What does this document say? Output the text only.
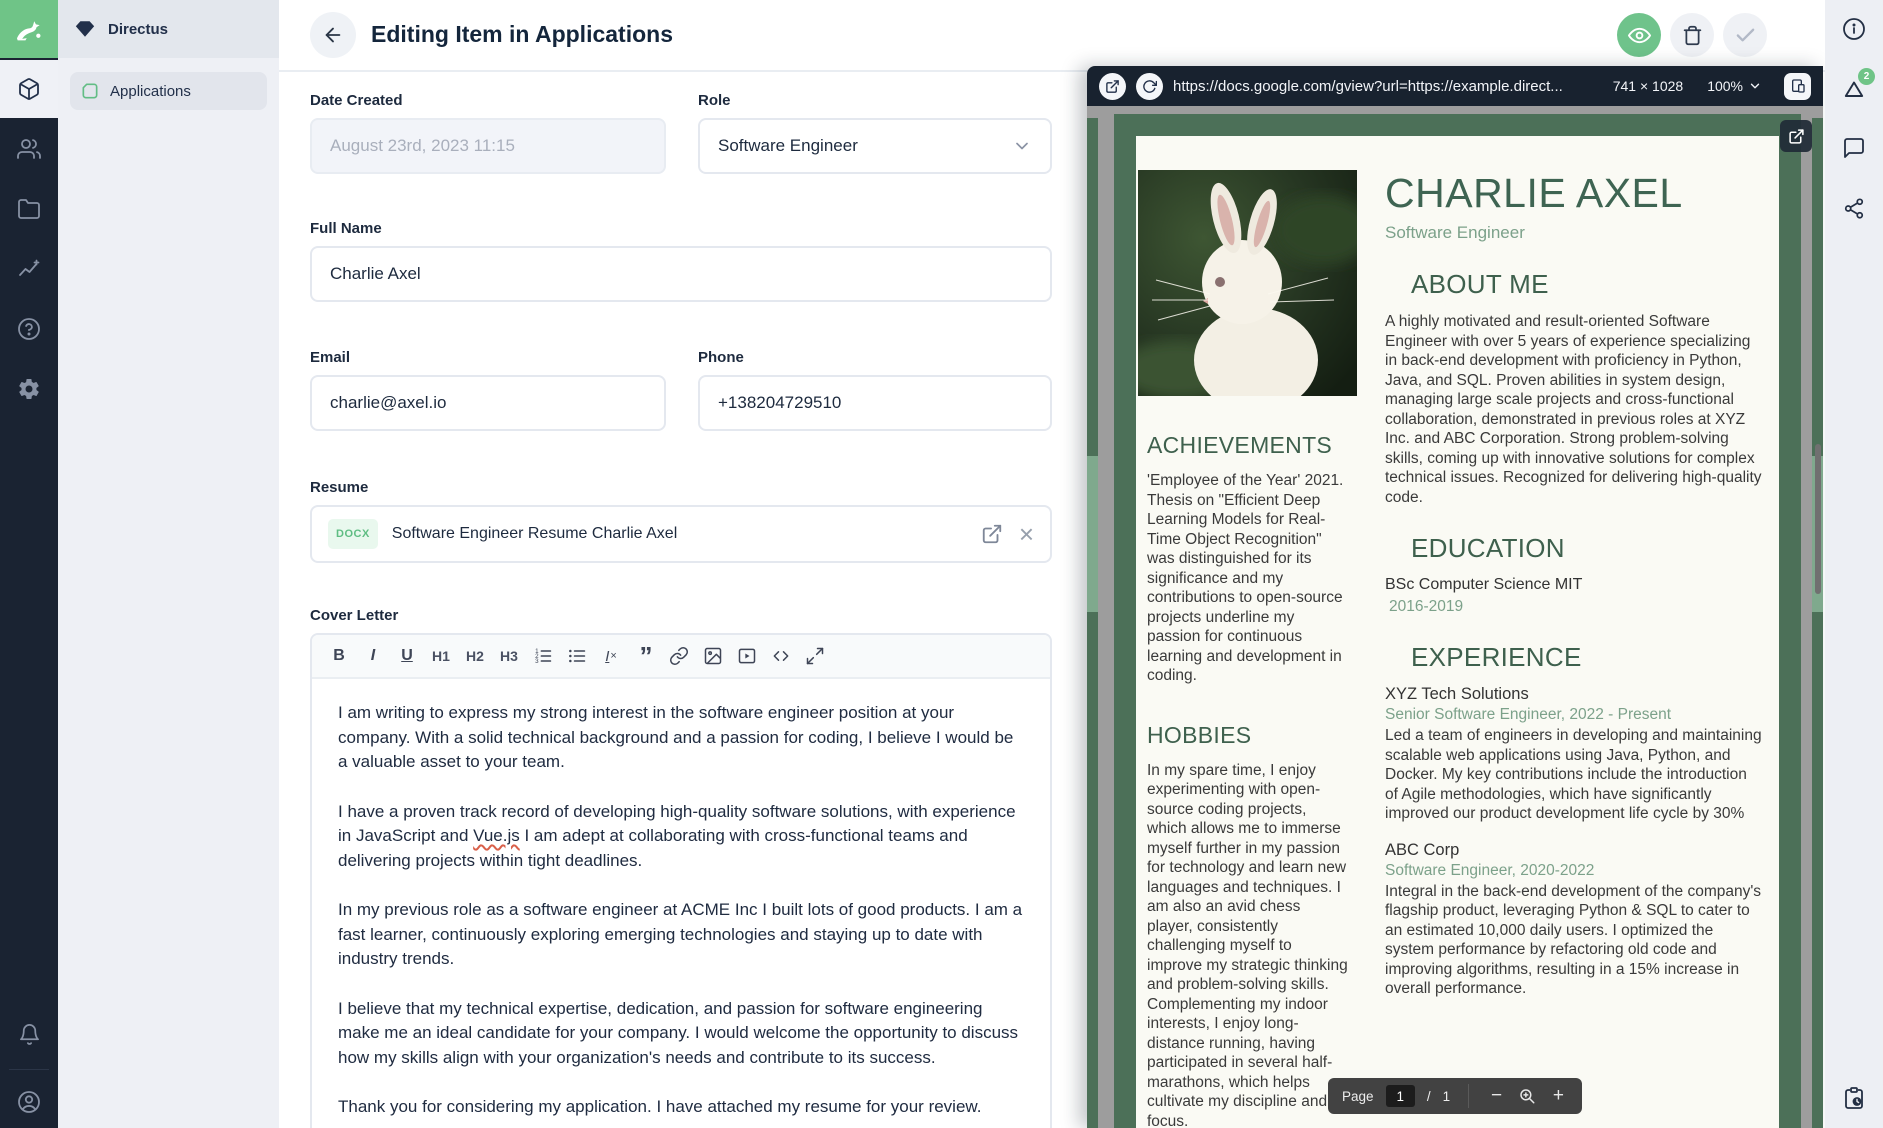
Directus
Applications
Editing Item in Applications
Date Created	Role
August 23rd, 2023 11:15	Software Engineer
Full Name
Charlie Axel
Email	Phone
charlie@axel.io	+138204729510
Resume
DOCX	Software Engineer Resume Charlie Axel	×
Cover Letter
B	I	U	H1 H2 H3	1
2
3	I × ”

I am writing to express my strong interest in the software engineer position at your company. With a solid technical background and a passion for coding, I believe I would be a valuable asset to your team.

I have a proven track record of developing high-quality software solutions, with experience in JavaScript and Vue.js I am adept at collaborating with cross-functional teams and delivering projects within tight deadlines.

In my previous role as a software engineer at ACME Inc I built lots of good products. I am a fast learner, continuously exploring emerging technologies and staying up to date with industry trends.

I believe that my technical expertise, dedication, and passion for software engineering make me an ideal candidate for your company. I would welcome the opportunity to discuss how my skills align with your organization's needs and contribute to its success.

Thank you for considering my application. I have attached my resume for your review.

https://docs.google.com/gview?url=https://example.direct...	741 × 1028 100%
ACHIEVEMENTS
'Employee of the Year' 2021. Thesis on "Efficient Deep Learning Models for Real-Time Object Recognition" was distinguished for its significance and my contributions to open-source projects underline my passion for continuous learning and development in coding.
HOBBIES
In my spare time, I enjoy experimenting with open-source coding projects, which allows me to immerse myself further in my passion for technology and learn new languages and techniques. I am also an avid chess player, consistently challenging myself to improve my strategic thinking and problem-solving skills. Complementing my indoor interests, I enjoy long-distance running, having participated in several half-marathons, which helps cultivate my discipline and focus.
CHARLIE AXEL
Software Engineer
ABOUT ME
A highly motivated and result-oriented Software Engineer with over 5 years of experience specializing in back-end development with proficiency in Python, Java, and SQL. Proven abilities in system design, managing large scale projects and cross-functional collaboration, demonstrated in previous roles at XYZ Inc. and ABC Corporation. Strong problem-solving skills, coming up with innovative solutions for complex technical issues. Recognized for delivering high-quality code.
EDUCATION
BSc Computer Science MIT
2016-2019
EXPERIENCE
XYZ Tech Solutions
Senior Software Engineer, 2022 - Present
Led a team of engineers in developing and maintaining scalable web applications using Java, Python, and Docker. My key contributions include the introduction of Agile methodologies, which have significantly improved our product development life cycle by 30%
ABC Corp
Software Engineer, 2020-2022
Integral in the back-end development of the company's flagship product, leveraging Python & SQL to cater to an estimated 10,000 daily users. I optimized the system performance by refactoring old code and improving algorithms, resulting in a 15% increase in overall performance.
Page	1	/ 1 −	+
2
